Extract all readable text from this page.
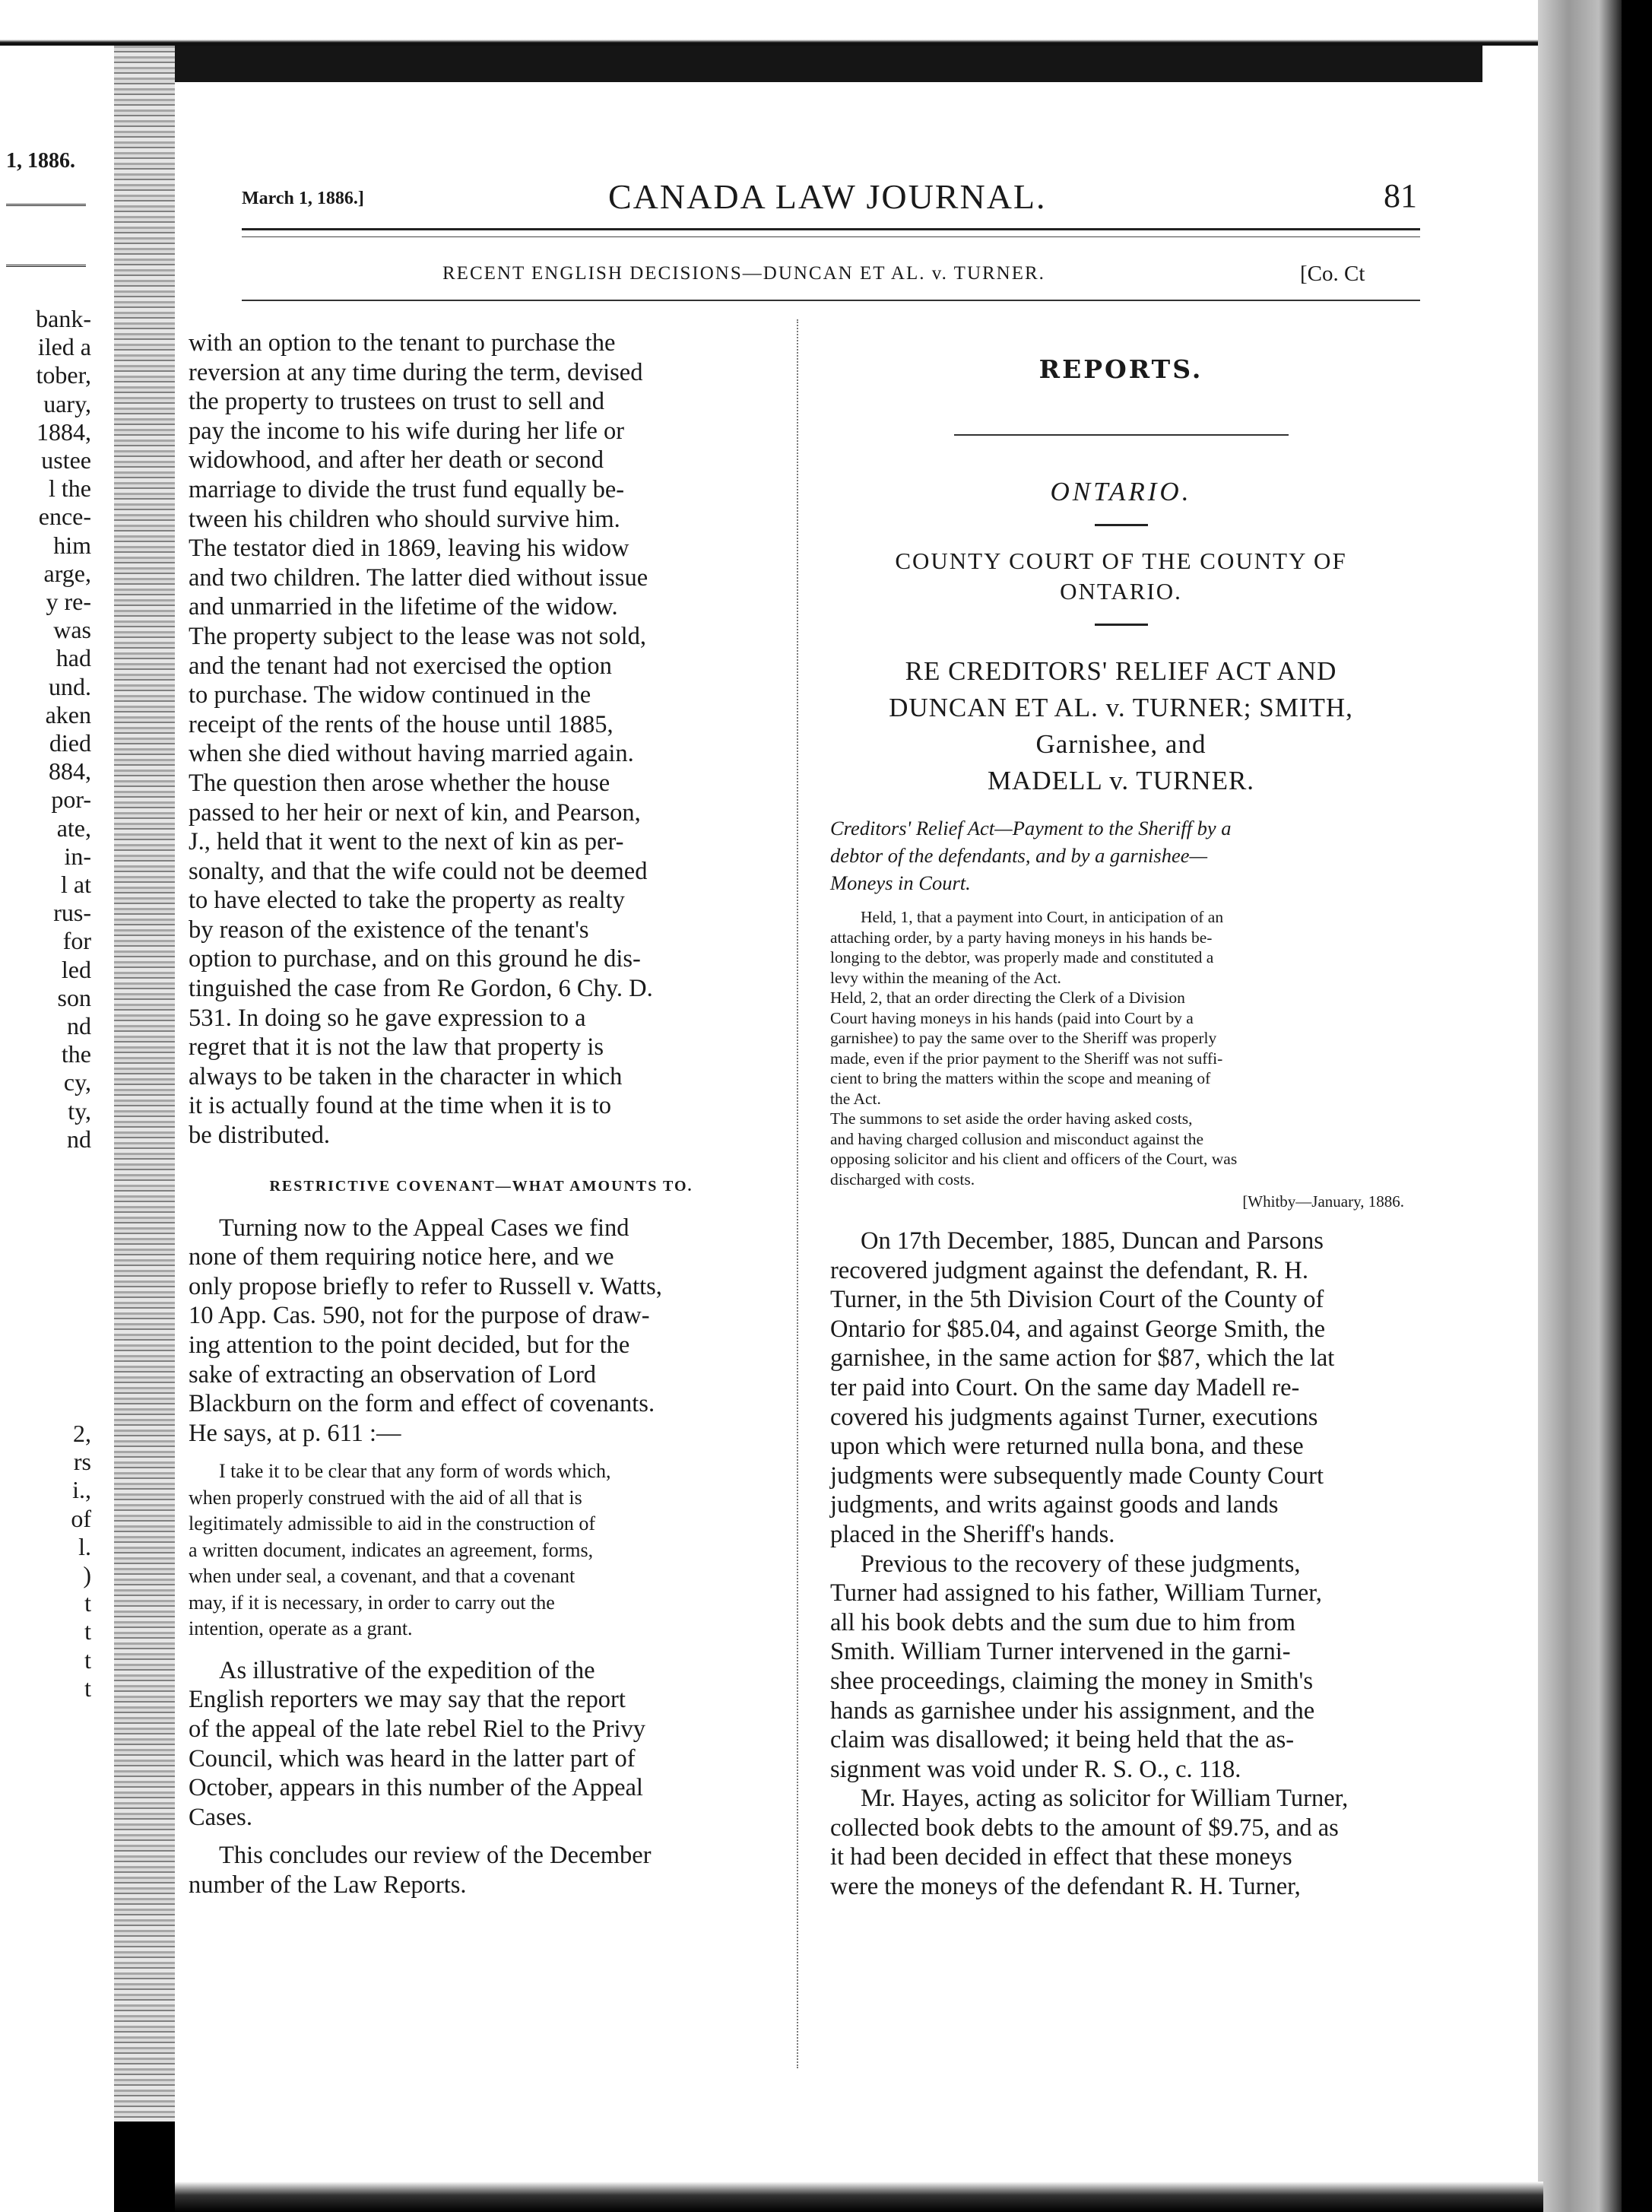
1, 1886.
bank-
iled a
tober,
uary,
1884,
ustee
l the
ence-
him
arge,
y re-
was
had
und.
aken
died
884,
por-
ate,
in-
l at
rus-
for
led
son
nd
the
cy,
ty,
nd
2,
rs
i.,
of
l.
)
t
t
t
t
March 1, 1886.]	CANADA LAW JOURNAL.	81
RECENT ENGLISH DECISIONS—DUNCAN ET AL. v. TURNER.	[Co. Ct

with an option to the tenant to purchase the
reversion at any time during the term, devised
the property to trustees on trust to sell and
pay the income to his wife during her life or
widowhood, and after her death or second
marriage to divide the trust fund equally be-
tween his children who should survive him.
The testator died in 1869, leaving his widow
and two children. The latter died without issue
and unmarried in the lifetime of the widow.
The property subject to the lease was not sold,
and the tenant had not exercised the option
to purchase. The widow continued in the
receipt of the rents of the house until 1885,
when she died without having married again.
The question then arose whether the house
passed to her heir or next of kin, and Pearson,
J., held that it went to the next of kin as per-
sonalty, and that the wife could not be deemed
to have elected to take the property as realty
by reason of the existence of the tenant's
option to purchase, and on this ground he dis-
tinguished the case from Re Gordon, 6 Chy. D.
531. In doing so he gave expression to a
regret that it is not the law that property is
always to be taken in the character in which
it is actually found at the time when it is to
be distributed.

RESTRICTIVE COVENANT—WHAT AMOUNTS TO.

Turning now to the Appeal Cases we find
none of them requiring notice here, and we
only propose briefly to refer to Russell v. Watts,
10 App. Cas. 590, not for the purpose of draw-
ing attention to the point decided, but for the
sake of extracting an observation of Lord
Blackburn on the form and effect of covenants.
He says, at p. 611 :—

I take it to be clear that any form of words which,
when properly construed with the aid of all that is
legitimately admissible to aid in the construction of
a written document, indicates an agreement, forms,
when under seal, a covenant, and that a covenant
may, if it is necessary, in order to carry out the
intention, operate as a grant.

As illustrative of the expedition of the
English reporters we may say that the report
of the appeal of the late rebel Riel to the Privy
Council, which was heard in the latter part of
October, appears in this number of the Appeal
Cases.

This concludes our review of the December
number of the Law Reports.

REPORTS.
ONTARIO.
COUNTY COURT OF THE COUNTY OF
ONTARIO.
RE CREDITORS' RELIEF ACT AND
DUNCAN ET AL. v. TURNER; SMITH,
Garnishee, and
MADELL v. TURNER.

Creditors' Relief Act—Payment to the Sheriff by a
debtor of the defendants, and by a garnishee—
Moneys in Court.

Held, 1, that a payment into Court, in anticipation of an
attaching order, by a party having moneys in his hands be-
longing to the debtor, was properly made and constituted a
levy within the meaning of the Act.
Held, 2, that an order directing the Clerk of a Division
Court having moneys in his hands (paid into Court by a
garnishee) to pay the same over to the Sheriff was properly
made, even if the prior payment to the Sheriff was not suffi-
cient to bring the matters within the scope and meaning of
the Act.
The summons to set aside the order having asked costs,
and having charged collusion and misconduct against the
opposing solicitor and his client and officers of the Court, was
discharged with costs.

[Whitby—January, 1886.

On 17th December, 1885, Duncan and Parsons
recovered judgment against the defendant, R. H.
Turner, in the 5th Division Court of the County of
Ontario for $85.04, and against George Smith, the
garnishee, in the same action for $87, which the lat
ter paid into Court. On the same day Madell re-
covered his judgments against Turner, executions
upon which were returned nulla bona, and these
judgments were subsequently made County Court
judgments, and writs against goods and lands
placed in the Sheriff's hands.

Previous to the recovery of these judgments,
Turner had assigned to his father, William Turner,
all his book debts and the sum due to him from
Smith. William Turner intervened in the garni-
shee proceedings, claiming the money in Smith's
hands as garnishee under his assignment, and the
claim was disallowed; it being held that the as-
signment was void under R. S. O., c. 118.

Mr. Hayes, acting as solicitor for William Turner,
collected book debts to the amount of $9.75, and as
it had been decided in effect that these moneys
were the moneys of the defendant R. H. Turner,
